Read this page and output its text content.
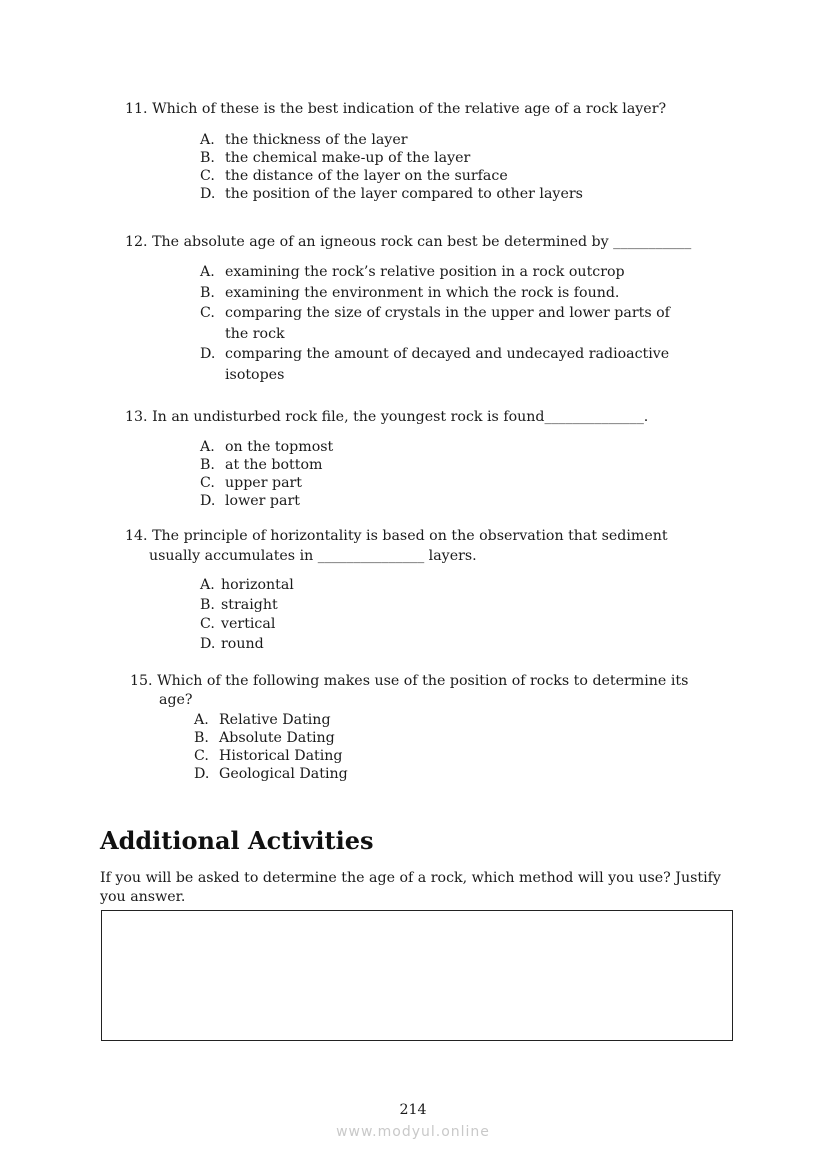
11. Which of these is the best indication of the relative age of a rock layer?
A. the thickness of the layer
B. the chemical make-up of the layer
C. the distance of the layer on the surface
D. the position of the layer compared to other layers
12. The absolute age of an igneous rock can best be determined by ___________
A. examining the rock’s relative position in a rock outcrop
B. examining the environment in which the rock is found.
C. comparing the size of crystals in the upper and lower parts of
the rock
D. comparing the amount of decayed and undecayed radioactive
isotopes
13. In an undisturbed rock file, the youngest rock is found______________.
A. on the topmost
B. at the bottom
C. upper part
D. lower part
14. The principle of horizontality is based on the observation that sediment
usually accumulates in _______________ layers.
A. horizontal
B. straight
C. vertical
D. round
15. Which of the following makes use of the position of rocks to determine its
age?
A. Relative Dating
B. Absolute Dating
C. Historical Dating
D. Geological Dating
Additional Activities
If you will be asked to determine the age of a rock, which method will you use? Justify you answer.
214
www.modyul.online
